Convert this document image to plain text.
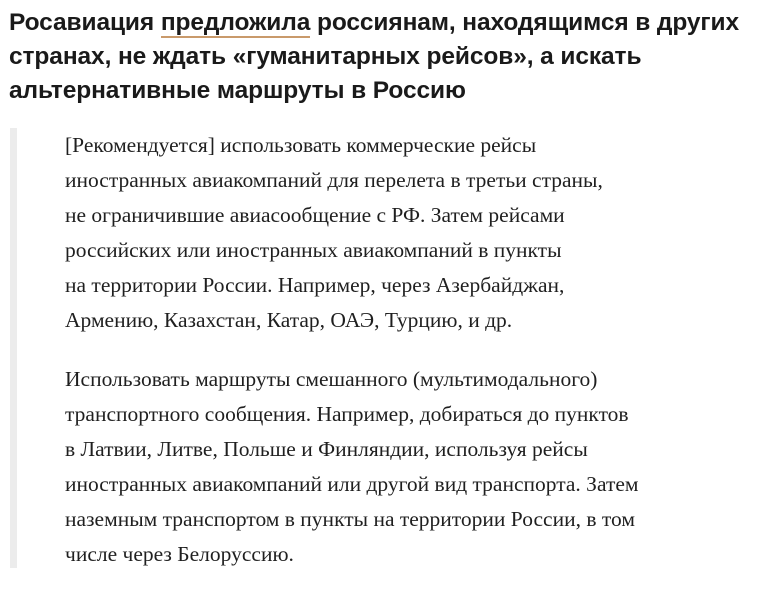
Росавиация предложила россиянам, находящимся в других
странах, не ждать «гуманитарных рейсов», а искать
альтернативные маршруты в Россию

[Рекомендуется] использовать коммерческие рейсы
иностранных авиакомпаний для перелета в третьи страны,
не ограничившие авиасообщение с РФ. Затем рейсами
российских или иностранных авиакомпаний в пункты
на территории России. Например, через Азербайджан,
Армению, Казахстан, Катар, ОАЭ, Турцию, и др.

Использовать маршруты смешанного (мультимодального)
транспортного сообщения. Например, добираться до пунктов
в Латвии, Литве, Польше и Финляндии, используя рейсы
иностранных авиакомпаний или другой вид транспорта. Затем
наземным транспортом в пункты на территории России, в том
числе через Белоруссию.
